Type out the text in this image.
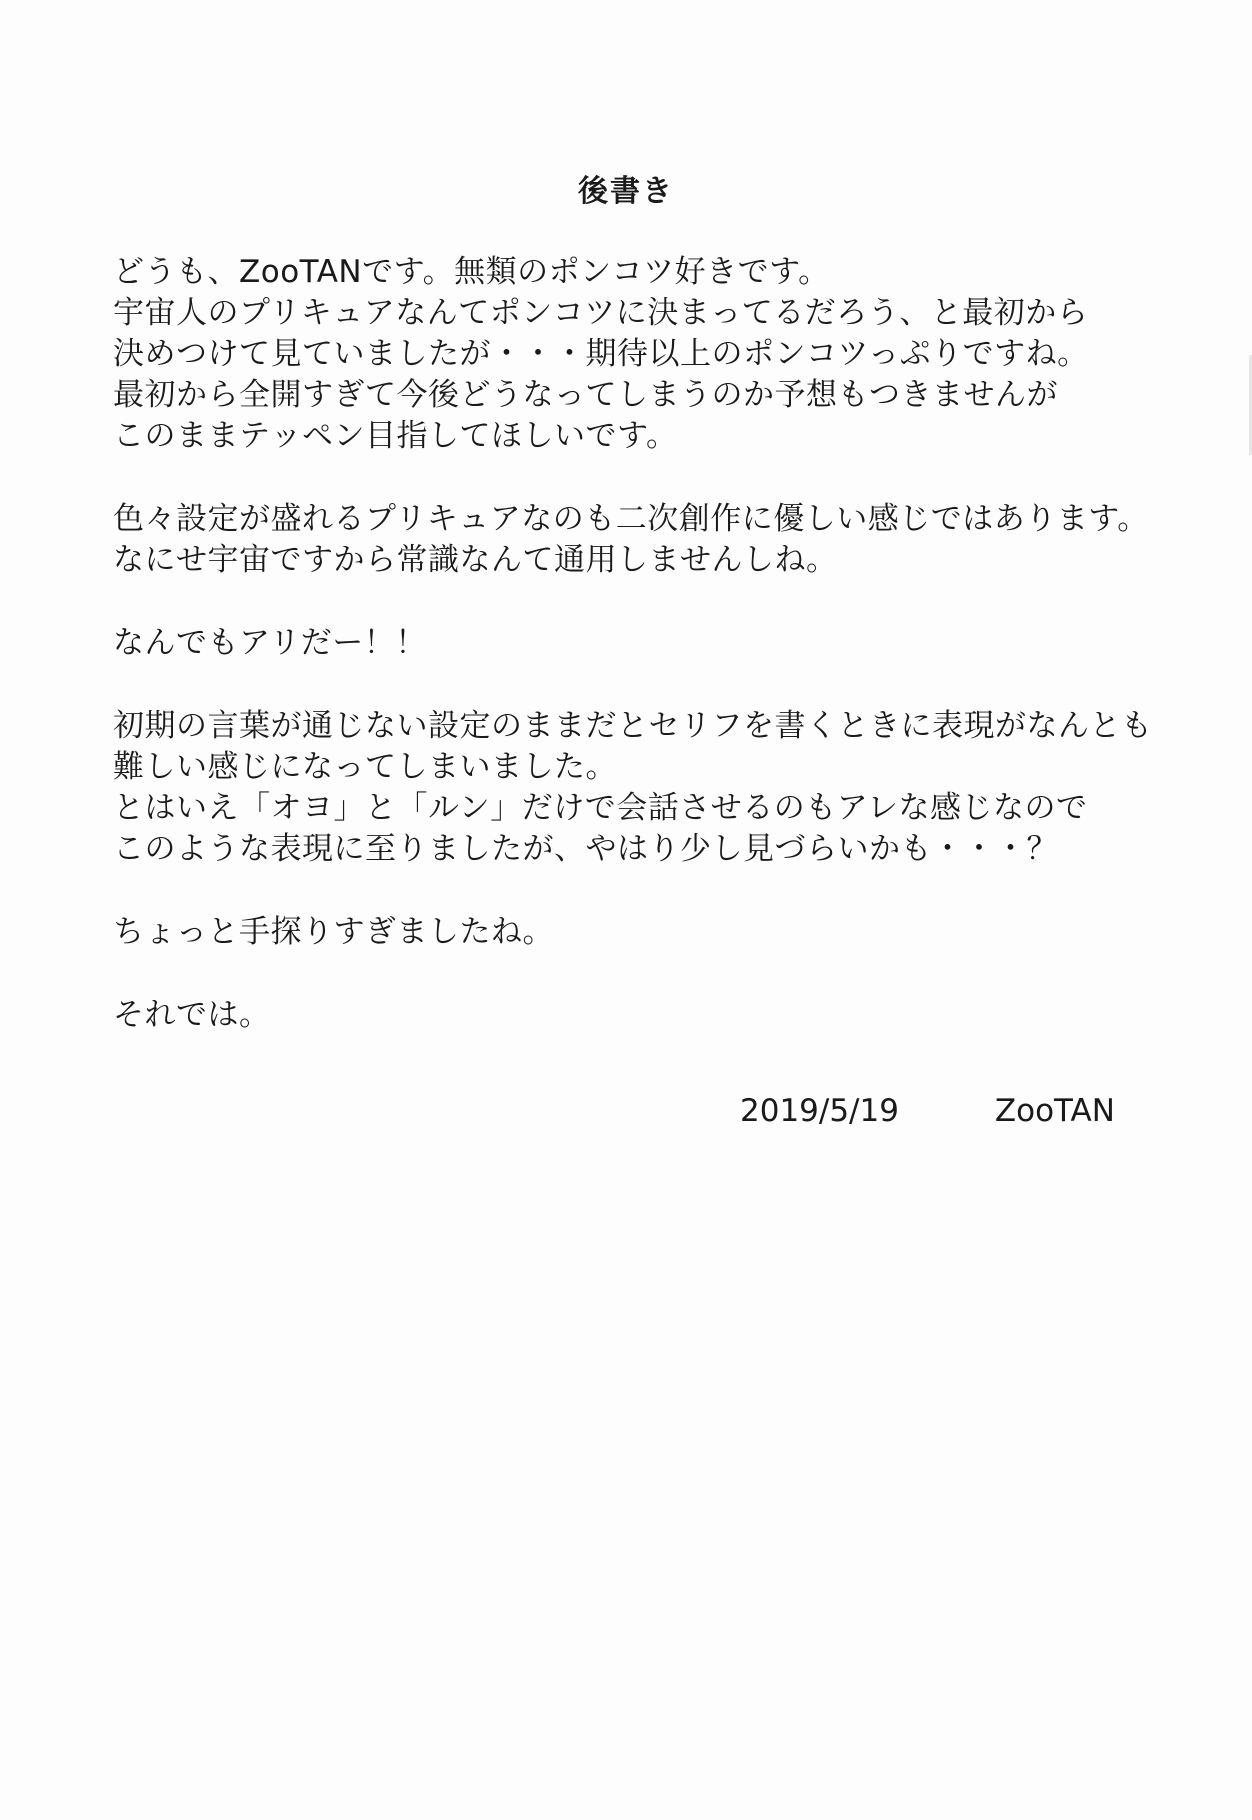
後書き
どうも、ZooTANです。無類のポンコツ好きです。
宇宙人のプリキュアなんてポンコツに決まってるだろう、と最初から
決めつけて見ていましたが・・・期待以上のポンコツっぷりですね。
最初から全開すぎて今後どうなってしまうのか予想もつきませんが
このままテッペン目指してほしいです。
色々設定が盛れるプリキュアなのも二次創作に優しい感じではあります。
なにせ宇宙ですから常識なんて通用しませんしね。
なんでもアリだー！！
初期の言葉が通じない設定のままだとセリフを書くときに表現がなんとも
難しい感じになってしまいました。
とはいえ「オヨ」と「ルン」だけで会話させるのもアレな感じなので
このような表現に至りましたが、やはり少し見づらいかも・・・？
ちょっと手探りすぎましたね。
それでは。
2019/5/19	ZooTAN
